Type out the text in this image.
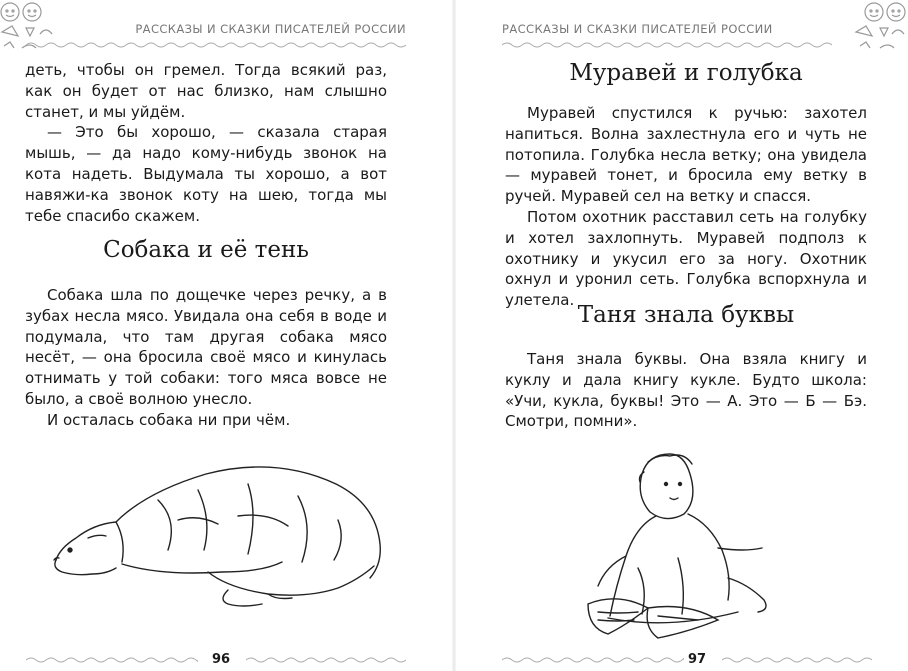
РАССКАЗЫ И СКАЗКИ ПИСАТЕЛЕЙ РОССИИ

деть, чтобы он гремел. Тогда всякий раз, как он будет от нас близко, нам слышно станет, и мы уйдём.

— Это бы хорошо, — сказала старая мышь, — да надо кому-нибудь звонок на кота надеть. Выдумала ты хорошо, а вот навяжи-ка звонок коту на шею, тогда мы тебе спасибо скажем.

Собака и её тень

Собака шла по дощечке через речку, а в зубах несла мясо. Увидала она себя в воде и подумала, что там другая собака мясо несёт, — она бросила своё мясо и кинулась отнимать у той собаки: того мяса вовсе не было, а своё волною унесло.

И осталась собака ни при чём.

96
РАССКАЗЫ И СКАЗКИ ПИСАТЕЛЕЙ РОССИИ
Муравей и голубка

Муравей спустился к ручью: захотел напиться. Волна захлестнула его и чуть не потопила. Голубка несла ветку; она увидела — муравей тонет, и бросила ему ветку в ручей. Муравей сел на ветку и спасся.

Потом охотник расставил сеть на голубку и хотел захлопнуть. Муравей подполз к охотнику и укусил его за ногу. Охотник охнул и уронил сеть. Голубка вспорхнула и улетела.

Таня знала буквы

Таня знала буквы. Она взяла книгу и куклу и дала книгу кукле. Будто школа: «Учи, кукла, буквы! Это — А. Это — Б — Бэ. Смотри, помни».

97
